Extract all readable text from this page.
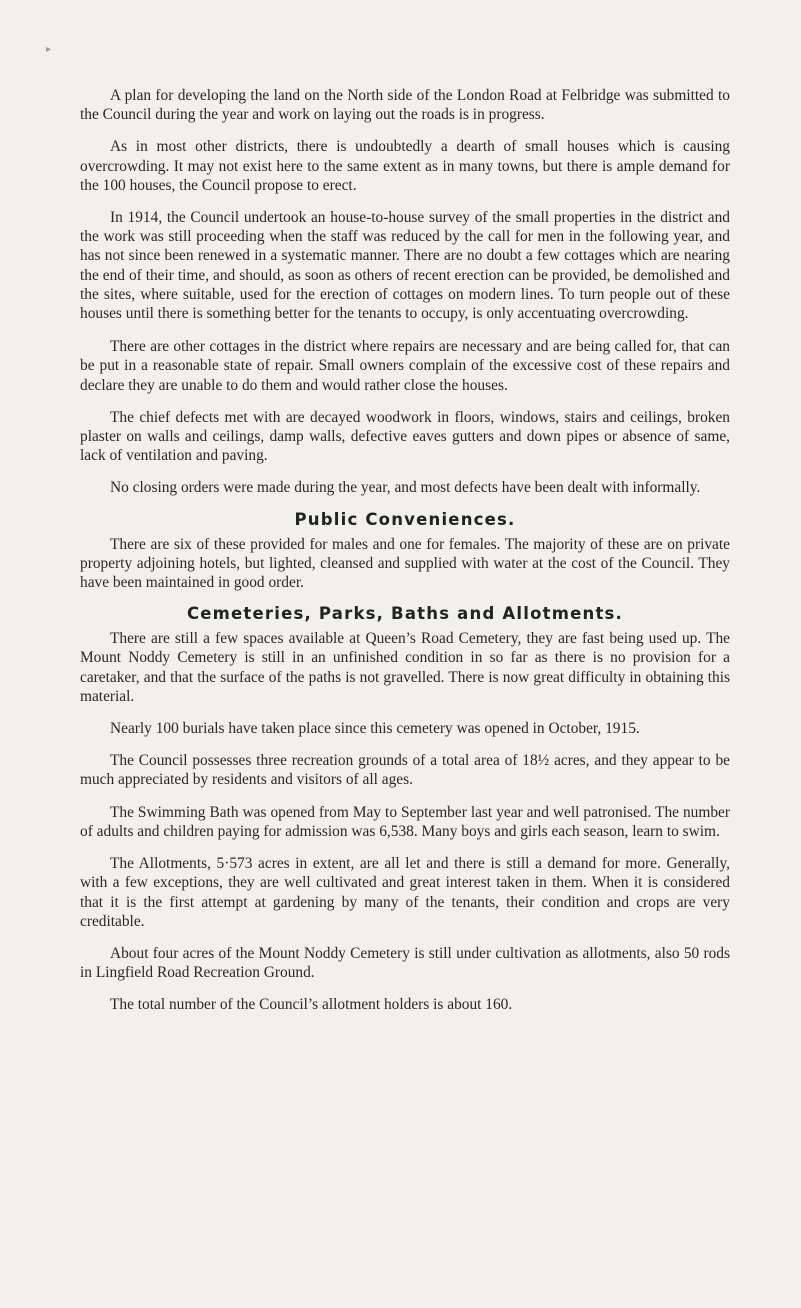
▸

A plan for developing the land on the North side of the London Road at Felbridge was submitted to the Council during the year and work on laying out the roads is in progress.

As in most other districts, there is undoubtedly a dearth of small houses which is causing overcrowding. It may not exist here to the same extent as in many towns, but there is ample demand for the 100 houses, the Council propose to erect.

In 1914, the Council undertook an house-to-house survey of the small properties in the district and the work was still proceeding when the staff was reduced by the call for men in the following year, and has not since been renewed in a systematic manner. There are no doubt a few cottages which are nearing the end of their time, and should, as soon as others of recent erection can be provided, be demolished and the sites, where suitable, used for the erection of cottages on modern lines. To turn people out of these houses until there is something better for the tenants to occupy, is only accentuating overcrowding.

There are other cottages in the district where repairs are necessary and are being called for, that can be put in a reasonable state of repair. Small owners complain of the excessive cost of these repairs and declare they are unable to do them and would rather close the houses.

The chief defects met with are decayed woodwork in floors, windows, stairs and ceilings, broken plaster on walls and ceilings, damp walls, defective eaves gutters and down pipes or absence of same, lack of ventilation and paving.

No closing orders were made during the year, and most defects have been dealt with informally.

Public Conveniences.

There are six of these provided for males and one for females. The majority of these are on private property adjoining hotels, but lighted, cleansed and supplied with water at the cost of the Council. They have been maintained in good order.

Cemeteries, Parks, Baths and Allotments.

There are still a few spaces available at Queen’s Road Cemetery, they are fast being used up. The Mount Noddy Cemetery is still in an unfinished condition in so far as there is no provision for a caretaker, and that the surface of the paths is not gravelled. There is now great difficulty in obtaining this material.

Nearly 100 burials have taken place since this cemetery was opened in October, 1915.

The Council possesses three recreation grounds of a total area of 18½ acres, and they appear to be much appreciated by residents and visitors of all ages.

The Swimming Bath was opened from May to September last year and well patronised. The number of adults and children paying for admission was 6,538. Many boys and girls each season, learn to swim.

The Allotments, 5·573 acres in extent, are all let and there is still a demand for more. Generally, with a few exceptions, they are well cultivated and great interest taken in them. When it is considered that it is the first attempt at gardening by many of the tenants, their condition and crops are very creditable.

About four acres of the Mount Noddy Cemetery is still under cultivation as allotments, also 50 rods in Lingfield Road Recreation Ground.

The total number of the Council’s allotment holders is about 160.
